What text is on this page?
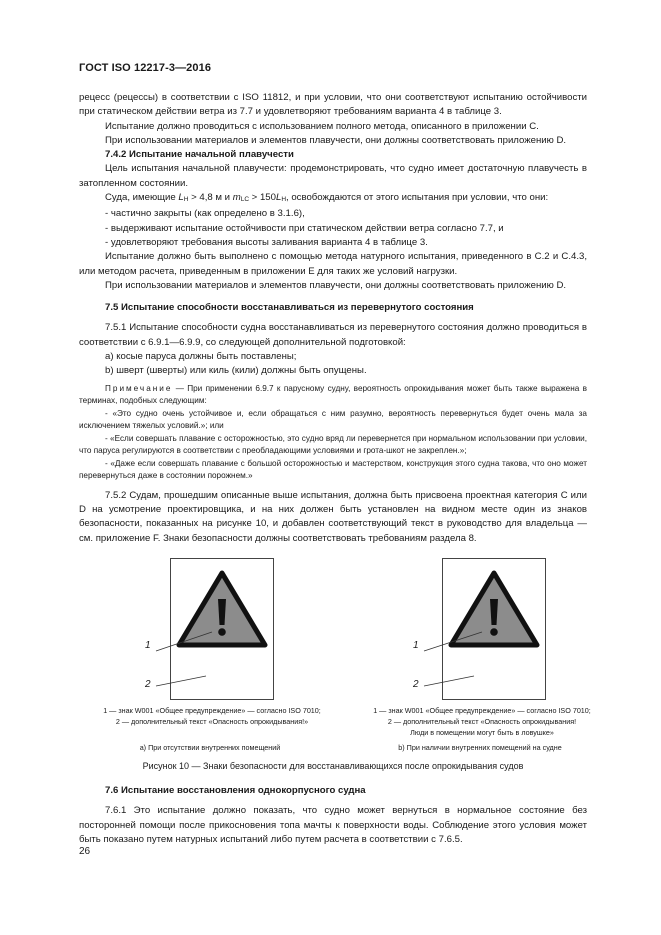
ГОСТ ISO 12217-3—2016

рецесс (рецессы) в соответствии с ISO 11812, и при условии, что они соответствуют испытанию остойчивости при статическом действии ветра из 7.7 и удовлетворяют требованиям варианта 4 в таблице 3.

Испытание должно проводиться с использованием полного метода, описанного в приложении С.

При использовании материалов и элементов плавучести, они должны соответствовать приложению D.

7.4.2 Испытание начальной плавучести

Цель испытания начальной плавучести: продемонстрировать, что судно имеет достаточную плавучесть в затопленном состоянии.

Суда, имеющие LH > 4,8 м и mLC > 150LH, освобождаются от этого испытания при условии, что они:

- частично закрыты (как определено в 3.1.6),

- выдерживают испытание остойчивости при статическом действии ветра согласно 7.7, и

- удовлетворяют требования высоты заливания варианта 4 в таблице 3.

Испытание должно быть выполнено с помощью метода натурного испытания, приведенного в С.2 и С.4.3, или методом расчета, приведенным в приложении Е для таких же условий нагрузки.

При использовании материалов и элементов плавучести, они должны соответствовать приложению D.

7.5 Испытание способности восстанавливаться из перевернутого состояния

7.5.1 Испытание способности судна восстанавливаться из перевернутого состояния должно проводиться в соответствии с 6.9.1—6.9.9, со следующей дополнительной подготовкой:

a) косые паруса должны быть поставлены;

b) шверт (шверты) или киль (кили) должны быть опущены.

Примечание — При применении 6.9.7 к парусному судну, вероятность опрокидывания может быть также выражена в терминах, подобных следующим:

- «Это судно очень устойчивое и, если обращаться с ним разумно, вероятность перевернуться будет очень мала за исключением тяжелых условий.»; или

- «Если совершать плавание с осторожностью, это судно вряд ли перевернется при нормальном использовании при условии, что паруса регулируются в соответствии с преобладающими условиями и грота-шкот не закреплен.»;

- «Даже если совершать плавание с большой осторожностью и мастерством, конструкция этого судна такова, что оно может перевернуться даже в состоянии порожнем.»

7.5.2 Судам, прошедшим описанные выше испытания, должна быть присвоена проектная категория С или D на усмотрение проектировщика, и на них должен быть установлен на видном месте один из знаков безопасности, показанных на рисунке 10, и добавлен соответствующий текст в руководство для владельца — см. приложение F. Знаки безопасности должны соответствовать требованиям раздела 8.

1
2
1
2
1 — знак W001 «Общее предупреждение» — согласно ISO 7010;
2 — дополнительный текст «Опасность опрокидывания!»
1 — знак W001 «Общее предупреждение» — согласно ISO 7010;
2 — дополнительный текст «Опасность опрокидывания!
Люди в помещении могут быть в ловушке»
а) При отсутствии внутренних помещений	b) При наличии внутренних помещений на судне
Рисунок 10 — Знаки безопасности для восстанавливающихся после опрокидывания судов

7.6 Испытание восстановления однокорпусного судна

7.6.1 Это испытание должно показать, что судно может вернуться в нормальное состояние без посторонней помощи после прикосновения топа мачты к поверхности воды. Соблюдение этого условия может быть показано путем натурных испытаний либо путем расчета в соответствии с 7.6.5.

26
